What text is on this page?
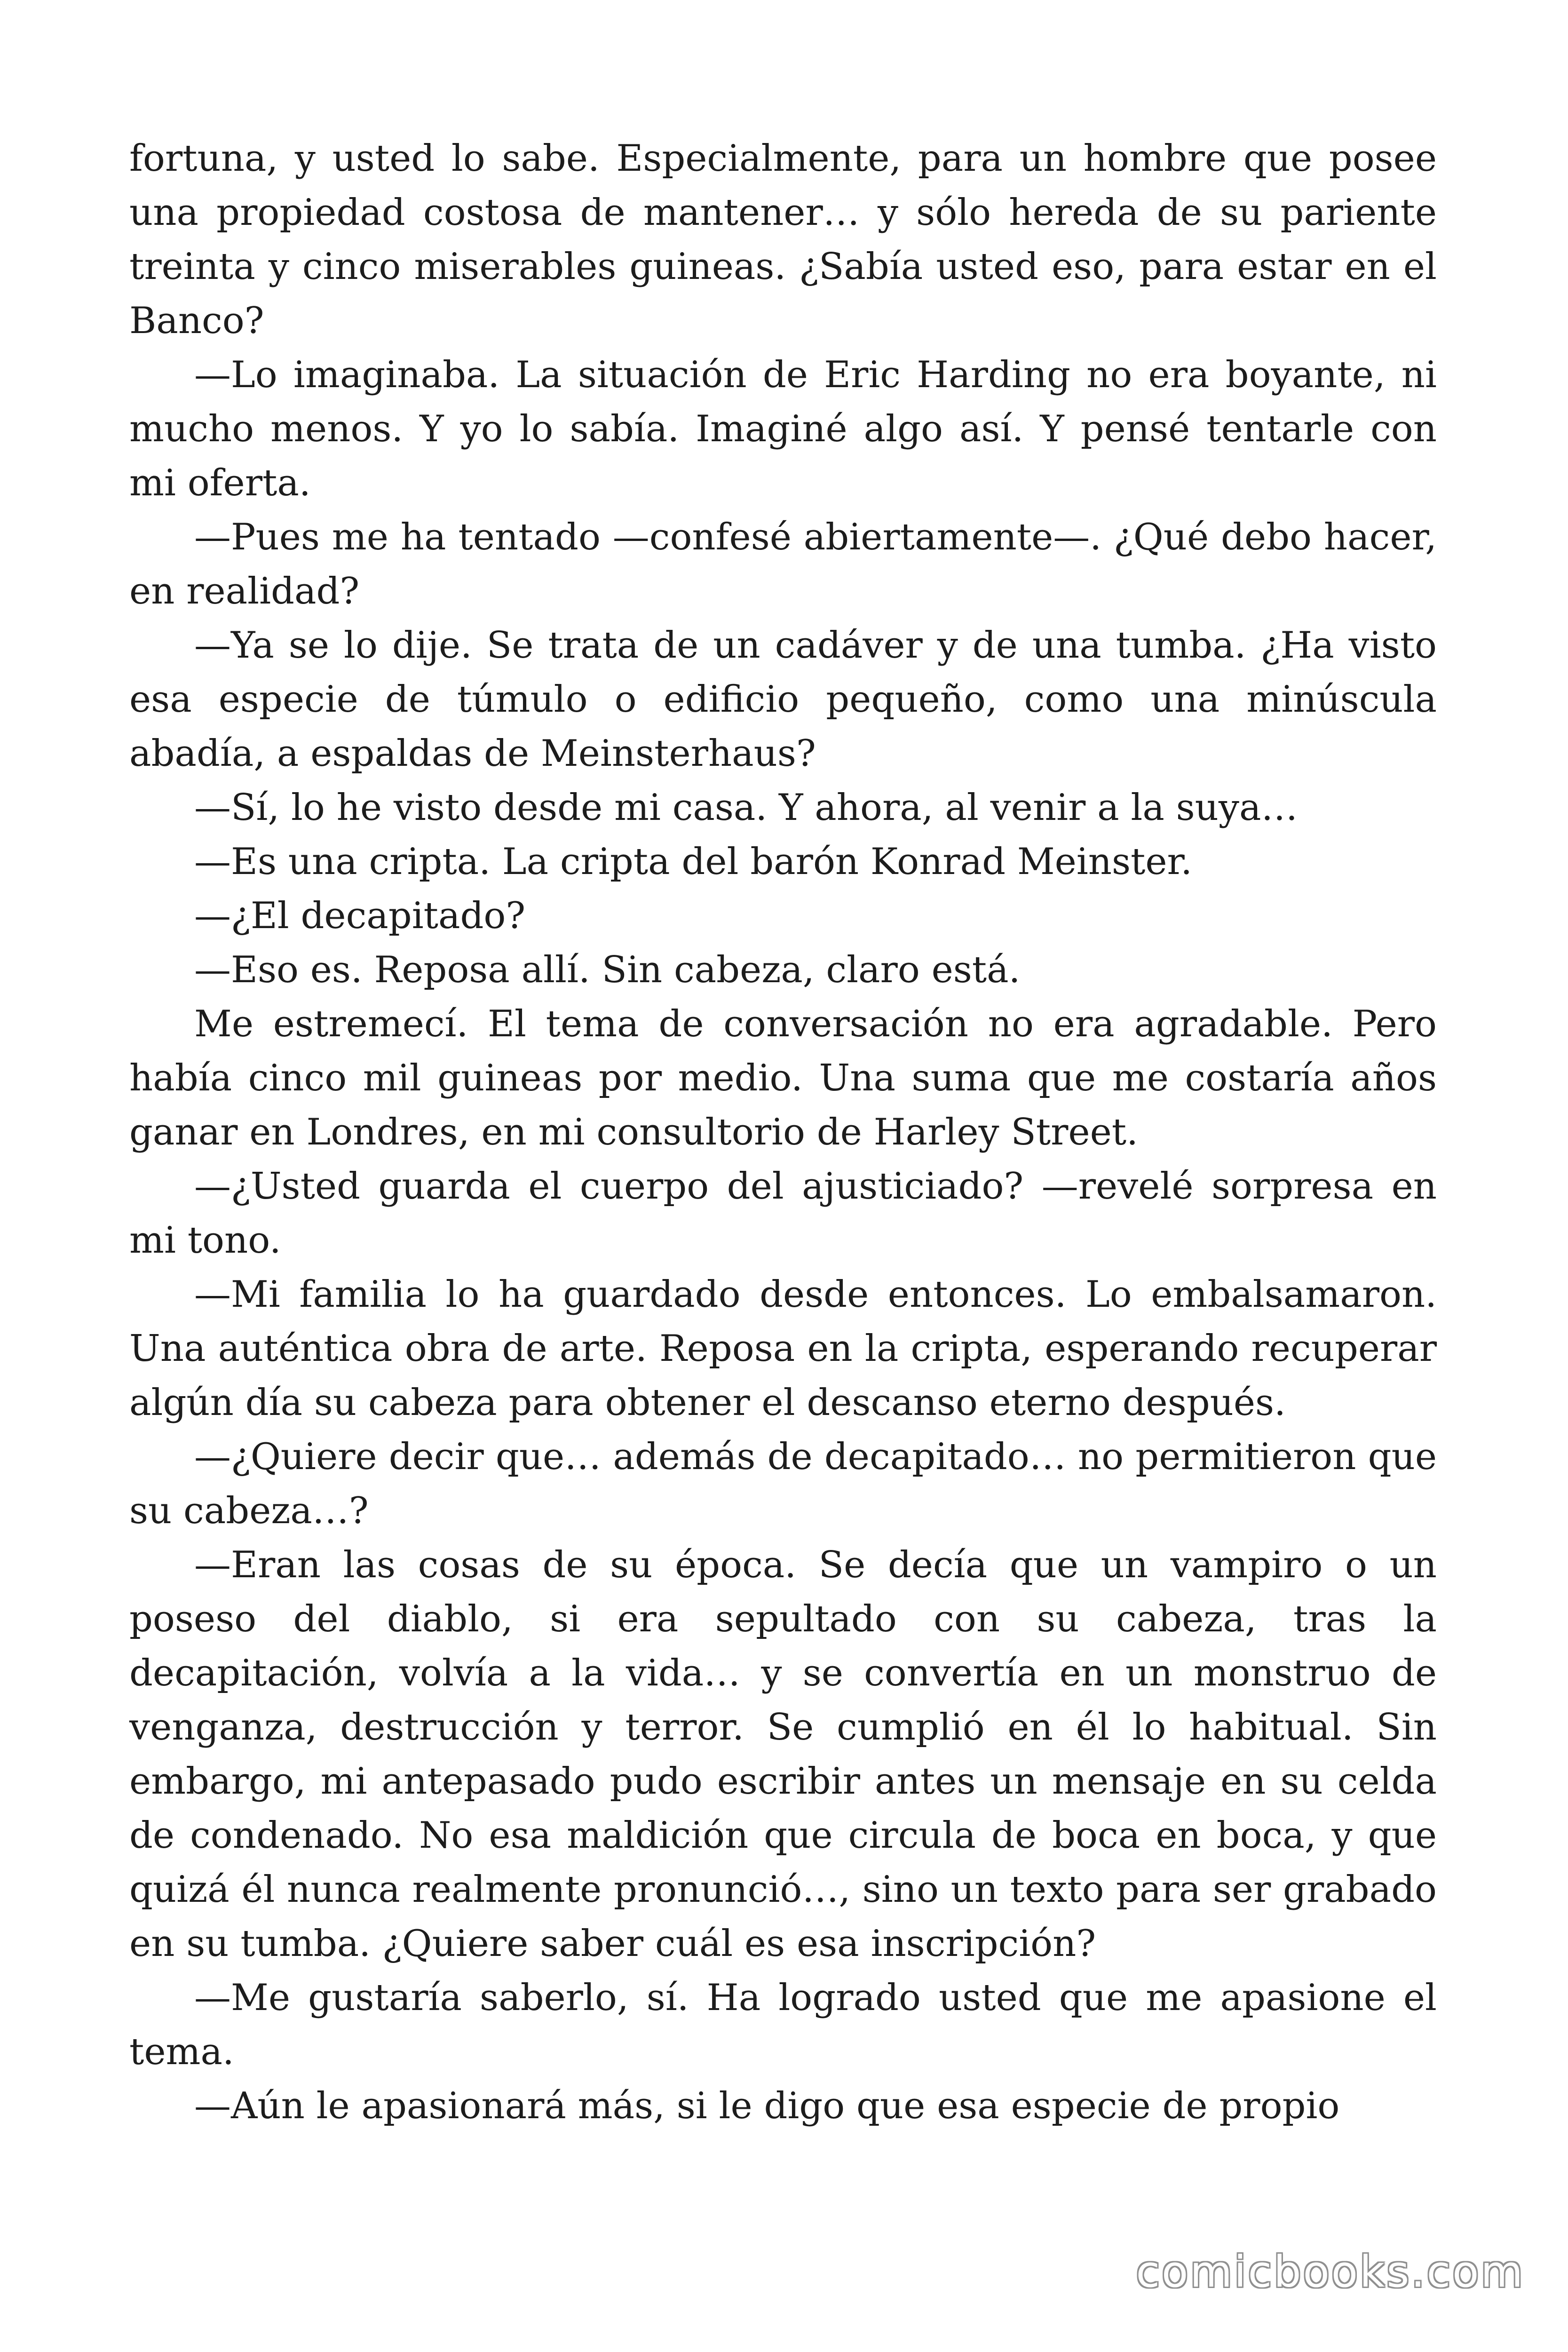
fortuna, y usted lo sabe. Especialmente, para un hombre que posee una propiedad costosa de mantener… y sólo hereda de su pariente treinta y cinco miserables guineas. ¿Sabía usted eso, para estar en el Banco?

—Lo imaginaba. La situación de Eric Harding no era boyante, ni mucho menos. Y yo lo sabía. Imaginé algo así. Y pensé tentarle con mi oferta.

—Pues me ha tentado —confesé abiertamente—. ¿Qué debo hacer, en realidad?

—Ya se lo dije. Se trata de un cadáver y de una tumba. ¿Ha visto esa especie de túmulo o edificio pequeño, como una minúscula abadía, a espaldas de Meinsterhaus?

—Sí, lo he visto desde mi casa. Y ahora, al venir a la suya…

—Es una cripta. La cripta del barón Konrad Meinster.

—¿El decapitado?

—Eso es. Reposa allí. Sin cabeza, claro está.

Me estremecí. El tema de conversación no era agradable. Pero había cinco mil guineas por medio. Una suma que me costaría años ganar en Londres, en mi consultorio de Harley Street.

—¿Usted guarda el cuerpo del ajusticiado? —revelé sorpresa en mi tono.

—Mi familia lo ha guardado desde entonces. Lo embalsamaron. Una auténtica obra de arte. Reposa en la cripta, esperando recuperar algún día su cabeza para obtener el descanso eterno después.

—¿Quiere decir que… además de decapitado… no permitieron que su cabeza…?

—Eran las cosas de su época. Se decía que un vampiro o un poseso del diablo, si era sepultado con su cabeza, tras la decapitación, volvía a la vida… y se convertía en un monstruo de venganza, destrucción y terror. Se cumplió en él lo habitual. Sin embargo, mi antepasado pudo escribir antes un mensaje en su celda de condenado. No esa maldición que circula de boca en boca, y que quizá él nunca realmente pronunció…, sino un texto para ser grabado en su tumba. ¿Quiere saber cuál es esa inscripción?

—Me gustaría saberlo, sí. Ha logrado usted que me apasione el tema.

—Aún le apasionará más, si le digo que esa especie de propio

comicbooks.com
